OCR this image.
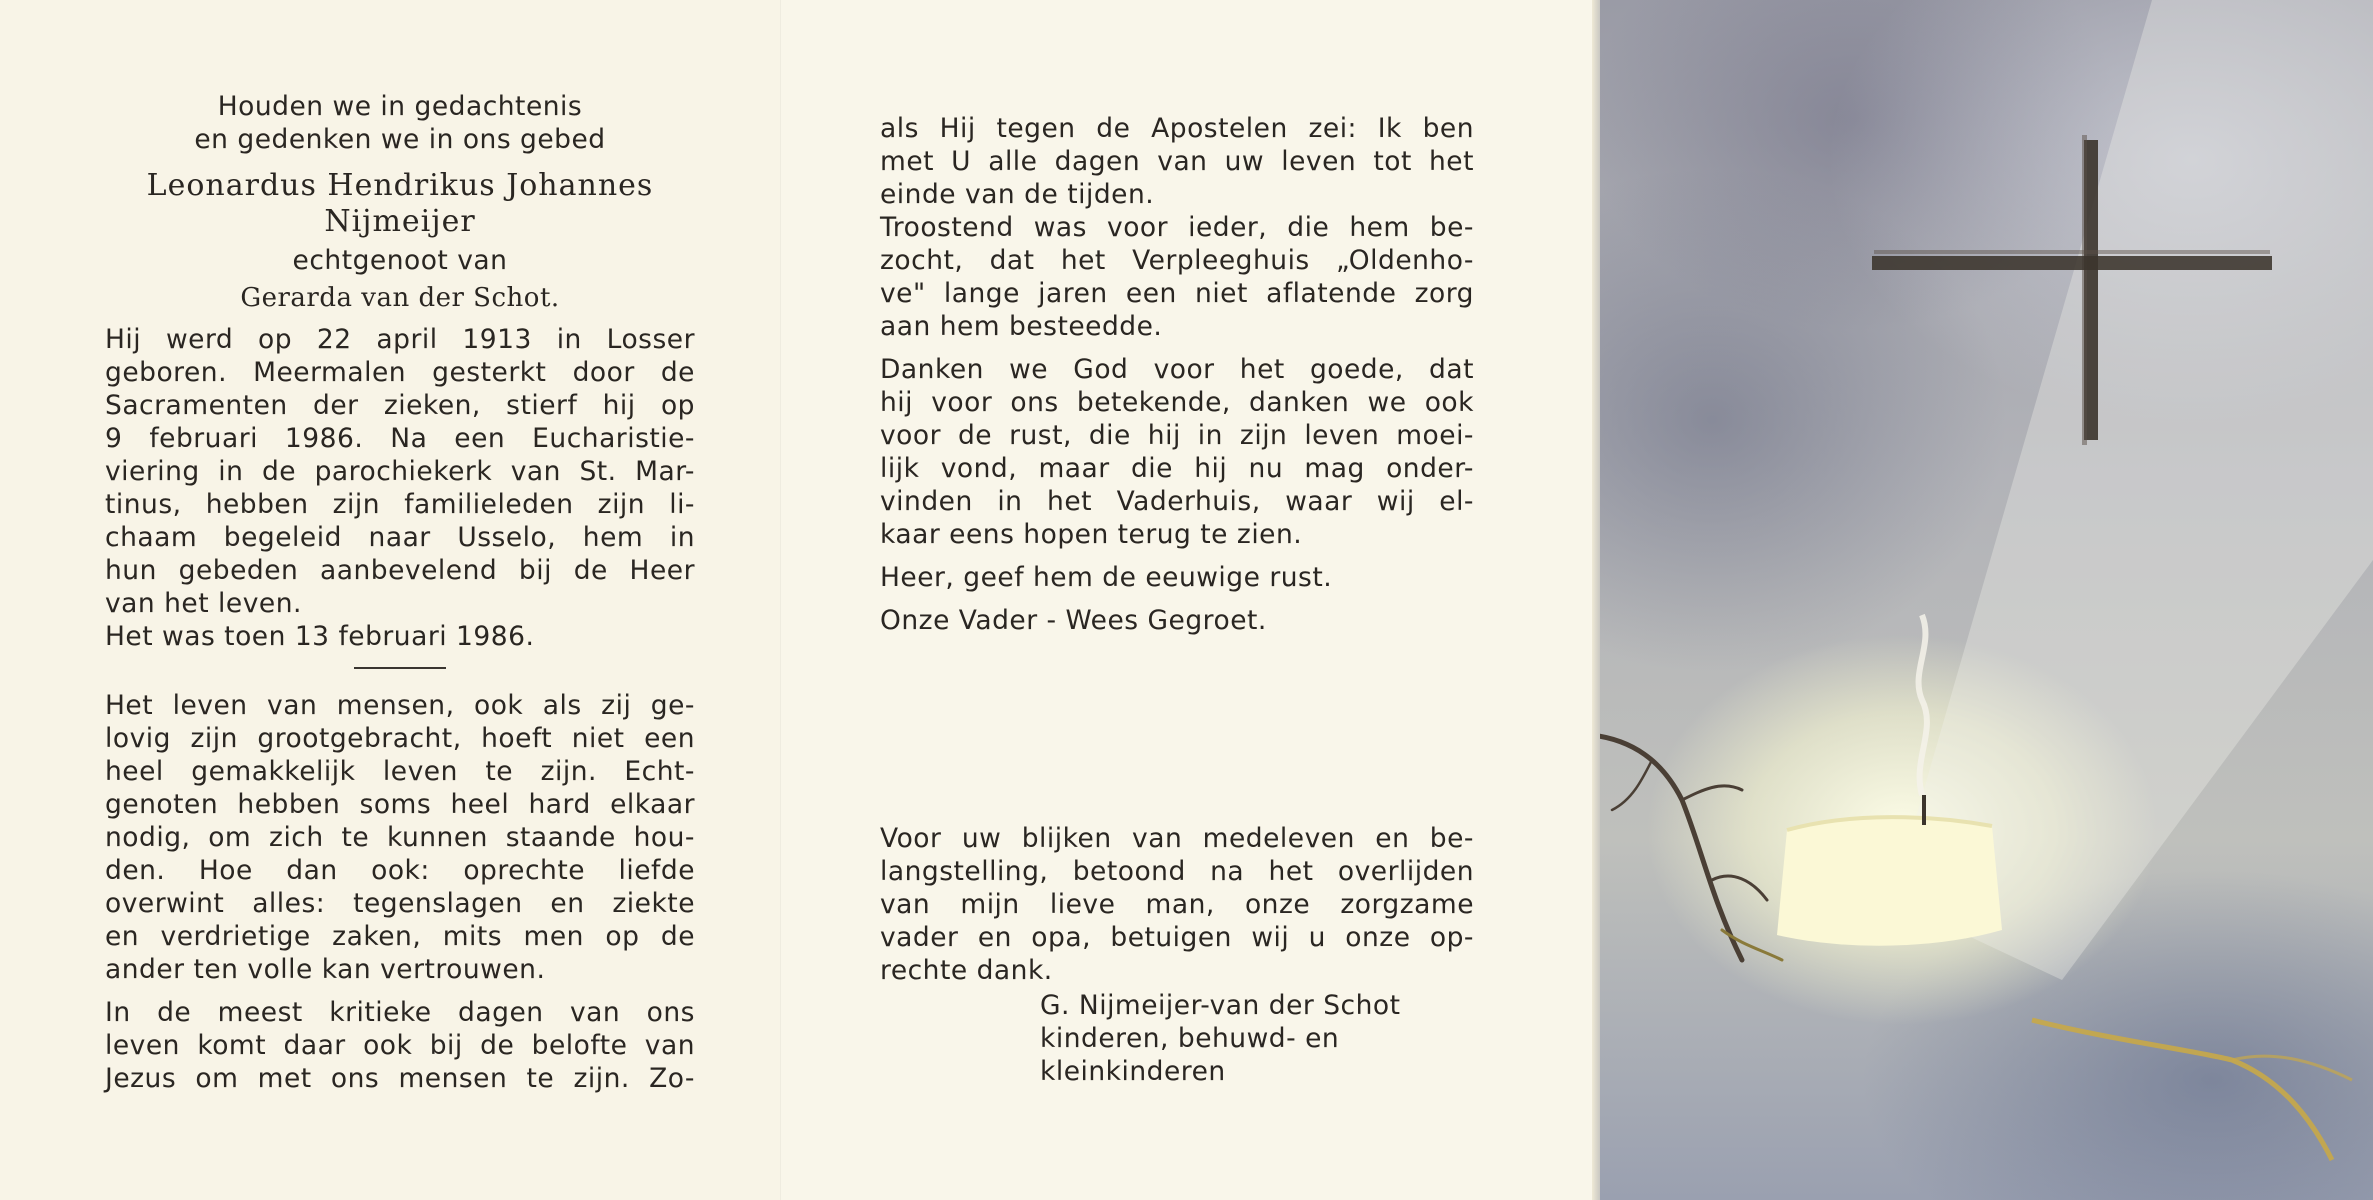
Houden we in gedachtenis
en gedenken we in ons gebed
Leonardus Hendrikus Johannes
Nijmeijer
echtgenoot van
Gerarda van der Schot.
Hij werd op 22 april 1913 in Losser
geboren. Meermalen gesterkt door de
Sacramenten der zieken, stierf hij op
9 februari 1986. Na een Eucharistie-
viering in de parochiekerk van St. Mar-
tinus, hebben zijn familieleden zijn li-
chaam begeleid naar Usselo, hem in
hun gebeden aanbevelend bij de Heer
van het leven.
Het was toen 13 februari 1986.
Het leven van mensen, ook als zij ge-
lovig zijn grootgebracht, hoeft niet een
heel gemakkelijk leven te zijn. Echt-
genoten hebben soms heel hard elkaar
nodig, om zich te kunnen staande hou-
den. Hoe dan ook: oprechte liefde
overwint alles: tegenslagen en ziekte
en verdrietige zaken, mits men op de
ander ten volle kan vertrouwen.
In de meest kritieke dagen van ons
leven komt daar ook bij de belofte van
Jezus om met ons mensen te zijn. Zo-
als Hij tegen de Apostelen zei: Ik ben
met U alle dagen van uw leven tot het
einde van de tijden.
Troostend was voor ieder, die hem be-
zocht, dat het Verpleeghuis „Oldenho-
ve" lange jaren een niet aflatende zorg
aan hem besteedde.
Danken we God voor het goede, dat
hij voor ons betekende, danken we ook
voor de rust, die hij in zijn leven moei-
lijk vond, maar die hij nu mag onder-
vinden in het Vaderhuis, waar wij el-
kaar eens hopen terug te zien.
Heer, geef hem de eeuwige rust.
Onze Vader - Wees Gegroet.
Voor uw blijken van medeleven en be-
langstelling, betoond na het overlijden
van mijn lieve man, onze zorgzame
vader en opa, betuigen wij u onze op-
rechte dank.
G. Nijmeijer-van der Schot
kinderen, behuwd- en
kleinkinderen
